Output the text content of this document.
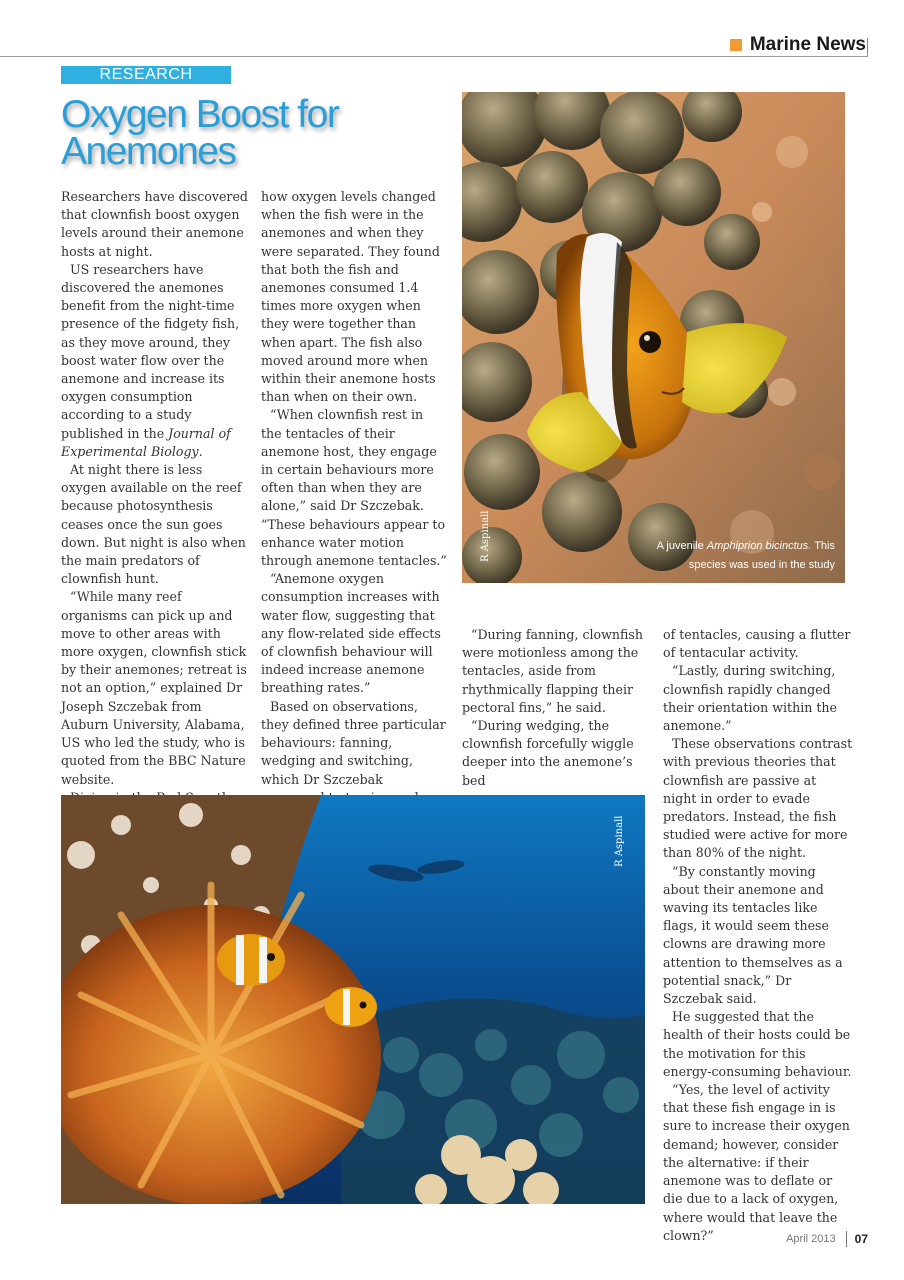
Marine News
RESEARCH
Oxygen Boost for Anemones

Researchers have discovered that clownfish boost oxygen levels around their anemone hosts at night.

US researchers have discovered the anemones benefit from the night-time presence of the fidgety fish, as they move around, they boost water flow over the anemone and increase its oxygen consumption according to a study published in the Journal of Experimental Biology.

At night there is less oxygen available on the reef because photosynthesis ceases once the sun goes down. But night is also when the main predators of clownfish hunt.

“While many reef organisms can pick up and move to other areas with more oxygen, clownfish stick by their anemones; retreat is not an option,” explained Dr Joseph Szczebak from Auburn University, Alabama, US who led the study, who is quoted from the BBC Nature website.

how oxygen levels changed when the fish were in the anemones and when they were separated. They found that both the fish and anemones consumed 1.4 times more oxygen when they were together than when apart. The fish also moved around more when within their anemone hosts than when on their own.

“When clownfish rest in the tentacles of their anemone host, they engage in certain behaviours more often than when they are alone,” said Dr Szczebak. “These behaviours appear to enhance water motion through anemone tentacles.”

“Anemone oxygen consumption increases with water flow, suggesting that any flow-related side effects of clownfish behaviour will indeed increase anemone breathing rates.”

Based on observations, they defined three particular behaviours: fanning, wedging and switching, which Dr Szczebak

“During fanning, clownfish were motionless among the tentacles, aside from rhythmically flapping their pectoral fins,” he said.

“During wedging, the clownfish forcefully wiggle deeper into the anemone’s bed

of tentacles, causing a flutter of tentacular activity.

“Lastly, during switching, clownfish rapidly changed their orientation within the anemone.”

These observations contrast with previous theories that clownfish are passive at night in order to evade predators. Instead, the fish studied were active for more than 80% of the night.

“By constantly moving about their anemone and waving its tentacles like flags, it would seem these clowns are drawing more attention to themselves as a potential snack,” Dr Szczebak said.

He suggested that the health of their hosts could be the motivation for this energy-consuming behaviour.

“Yes, the level of activity that these fish engage in is sure to increase their oxygen demand; however, consider the alternative: if their anemone was to deflate or die due to a lack of oxygen, where would that leave the clown?”

R Aspinall	A juvenile Amphiprion bicinctus. This species was used in the study
R Aspinall
April 2013 07
